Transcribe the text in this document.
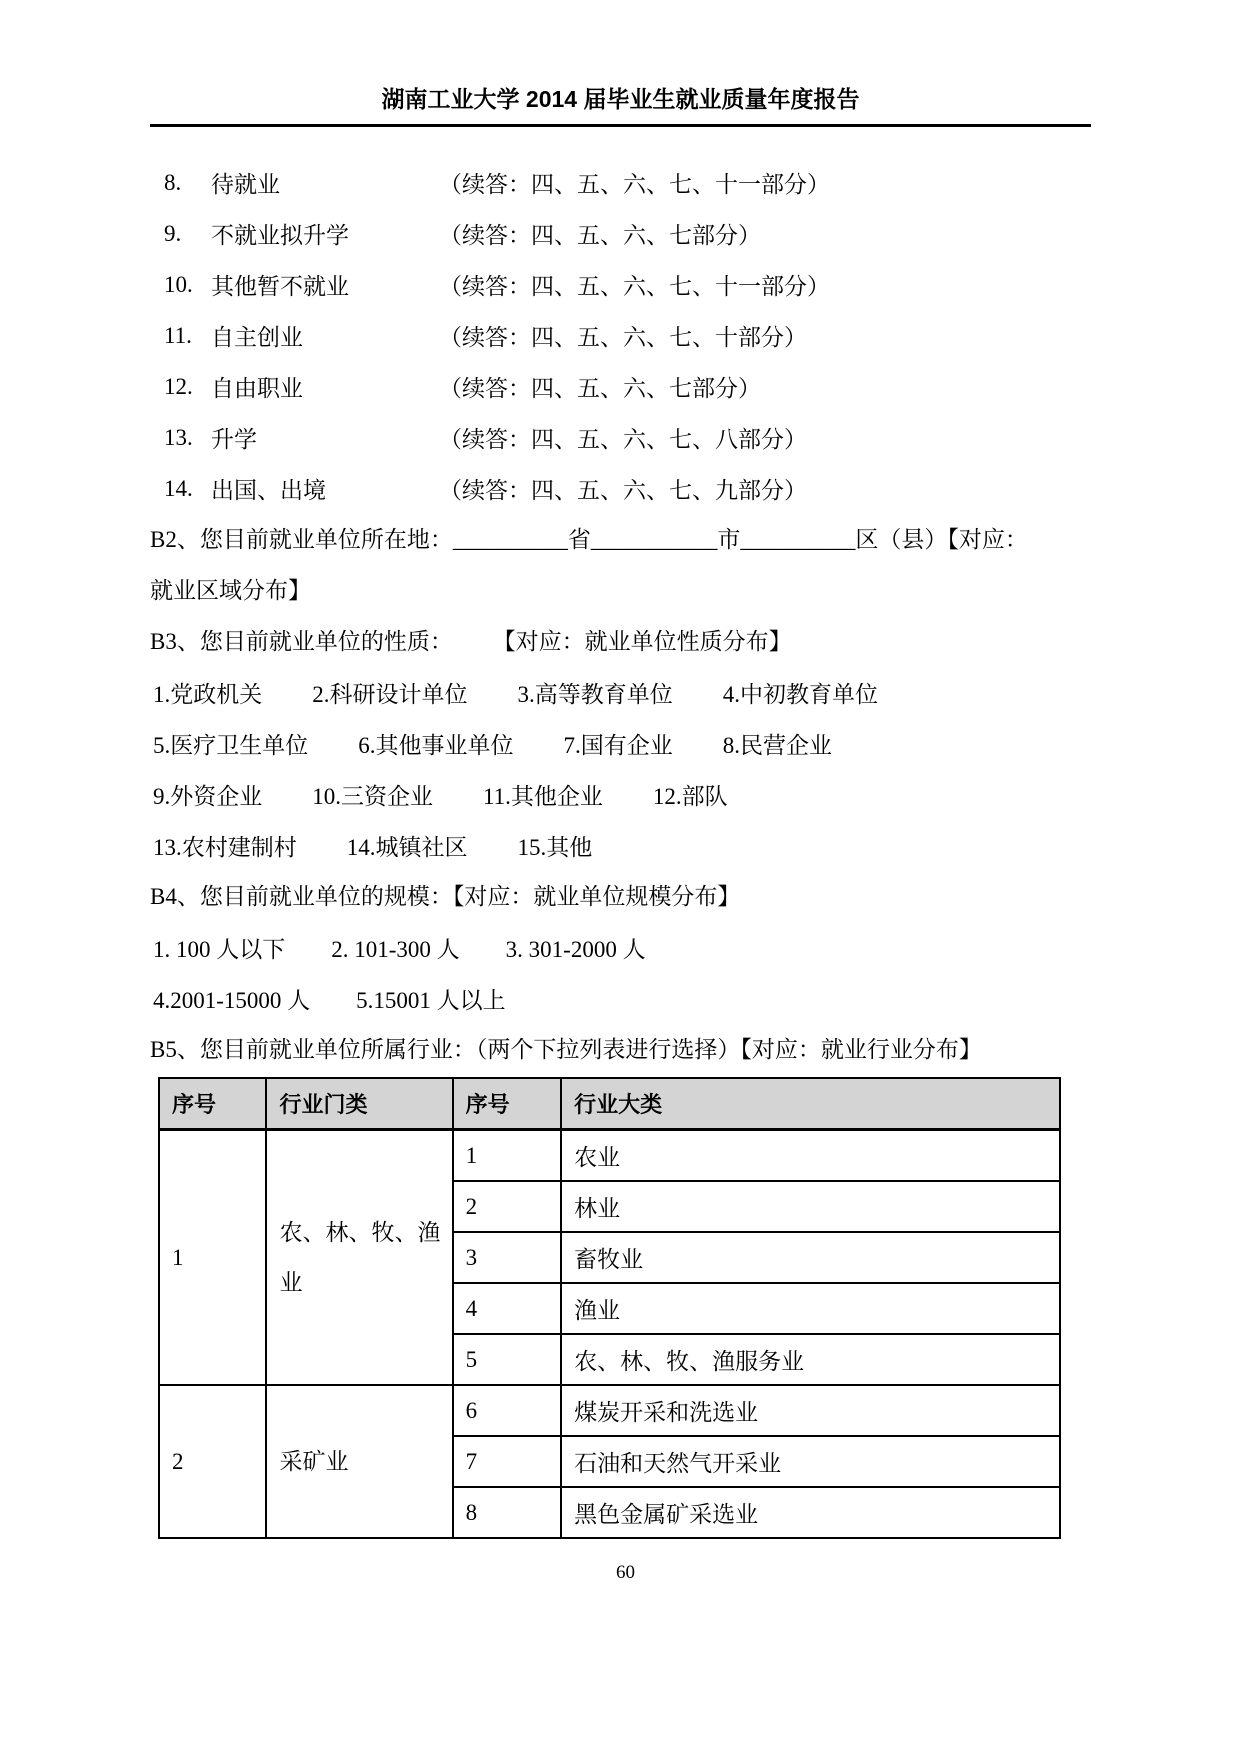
湖南工业大学 2014 届毕业生就业质量年度报告
8.	待就业	（续答：四、五、六、七、十一部分）
9.	不就业拟升学	（续答：四、五、六、七部分）
10. 其他暂不就业	（续答：四、五、六、七、十一部分）
11. 自主创业	（续答：四、五、六、七、十部分）
12. 自由职业	（续答：四、五、六、七部分）
13. 升学	（续答：四、五、六、七、八部分）
14. 出国、出境	（续答：四、五、六、七、九部分）
B2、您目前就业单位所在地：__________省___________市__________区（县）【对应：
就业区域分布】
B3、您目前就业单位的性质： 【对应：就业单位性质分布】
1.党政机关 2.科研设计单位 3.高等教育单位 4.中初教育单位
5.医疗卫生单位 6.其他事业单位 7.国有企业 8.民营企业
9.外资企业 10.三资企业 11.其他企业 12.部队
13.农村建制村 14.城镇社区 15.其他
B4、您目前就业单位的规模：【对应：就业单位规模分布】
1. 100 人以下 2. 101-300 人 3. 301-2000 人
4.2001-15000 人 5.15001 人以上
B5、您目前就业单位所属行业：（两个下拉列表进行选择）【对应：就业行业分布】
序号	行业门类	序号	行业大类
1	农、林、牧、渔业	1	农业
		2	林业
		3	畜牧业
		4	渔业
		5	农、林、牧、渔服务业
2	采矿业	6	煤炭开采和洗选业
		7	石油和天然气开采业
		8	黑色金属矿采选业
60
